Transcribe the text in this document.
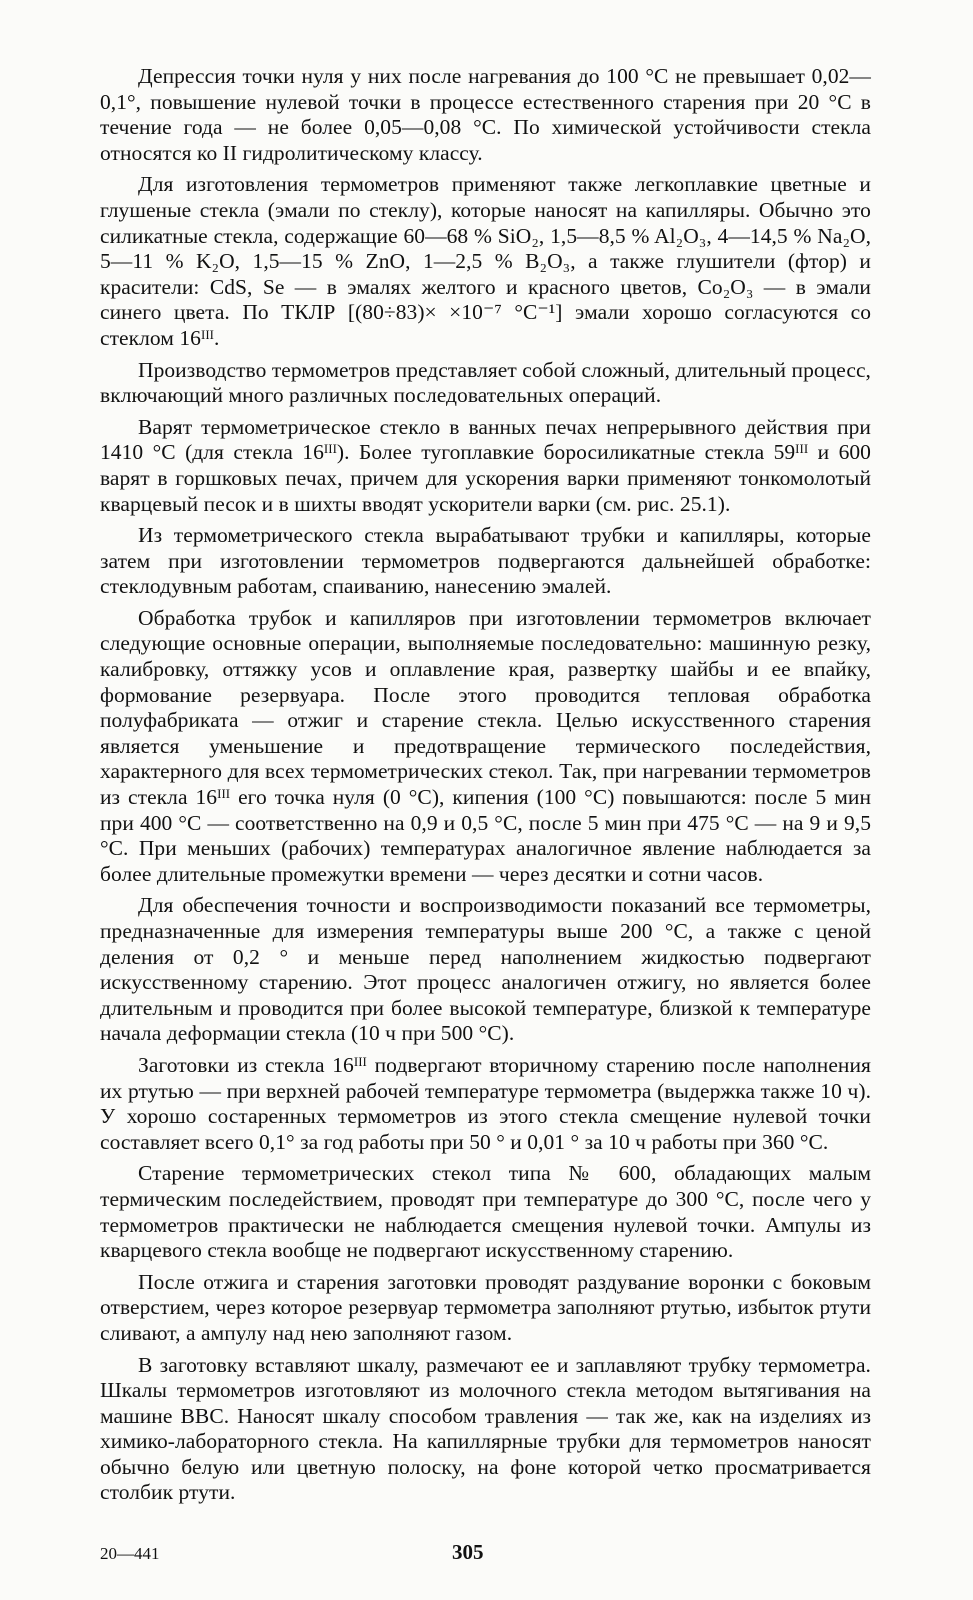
Депрессия точки нуля у них после нагревания до 100 °С не превышает 0,02—0,1°, повышение нулевой точки в процессе естественного старения при 20 °С в течение года — не более 0,05—0,08 °С. По химической устойчивости стекла относятся ко II гидролитическому классу.

Для изготовления термометров применяют также легкоплавкие цветные и глушеные стекла (эмали по стеклу), которые наносят на капилляры. Обычно это силикатные стекла, содержащие 60—68 % SiO₂, 1,5—8,5 % Al₂O₃, 4—14,5 % Na₂O, 5—11 % K₂O, 1,5—15 % ZnO, 1—2,5 % B₂O₃, а также глушители (фтор) и красители: CdS, Se — в эмалях желтого и красного цветов, Co₂O₃ — в эмали синего цвета. По ТКЛР [(80÷83)× ×10⁻⁷ °С⁻¹] эмали хорошо согласуются со стеклом 16ᴵᴵᴵ.

Производство термометров представляет собой сложный, длительный процесс, включающий много различных последовательных операций.

Варят термометрическое стекло в ванных печах непрерывного действия при 1410 °С (для стекла 16ᴵᴵᴵ). Более тугоплавкие боросиликатные стекла 59ᴵᴵᴵ и 600 варят в горшковых печах, причем для ускорения варки применяют тонкомолотый кварцевый песок и в шихты вводят ускорители варки (см. рис. 25.1).

Из термометрического стекла вырабатывают трубки и капилляры, которые затем при изготовлении термометров подвергаются дальнейшей обработке: стеклодувным работам, спаиванию, нанесению эмалей.

Обработка трубок и капилляров при изготовлении термометров включает следующие основные операции, выполняемые последовательно: машинную резку, калибровку, оттяжку усов и оплавление края, развертку шайбы и ее впайку, формование резервуара. После этого проводится тепловая обработка полуфабриката — отжиг и старение стекла. Целью искусственного старения является уменьшение и предотвращение термического последействия, характерного для всех термометрических стекол. Так, при нагревании термометров из стекла 16ᴵᴵᴵ его точка нуля (0 °С), кипения (100 °С) повышаются: после 5 мин при 400 °С — соответственно на 0,9 и 0,5 °С, после 5 мин при 475 °С — на 9 и 9,5 °С. При меньших (рабочих) температурах аналогичное явление наблюдается за более длительные промежутки времени — через десятки и сотни часов.

Для обеспечения точности и воспроизводимости показаний все термометры, предназначенные для измерения температуры выше 200 °С, а также с ценой деления от 0,2 ° и меньше перед наполнением жидкостью подвергают искусственному старению. Этот процесс аналогичен отжигу, но является более длительным и проводится при более высокой температуре, близкой к температуре начала деформации стекла (10 ч при 500 °С).

Заготовки из стекла 16ᴵᴵᴵ подвергают вторичному старению после наполнения их ртутью — при верхней рабочей температуре термометра (выдержка также 10 ч). У хорошо состаренных термометров из этого стекла смещение нулевой точки составляет всего 0,1° за год работы при 50 ° и 0,01 ° за 10 ч работы при 360 °С.

Старение термометрических стекол типа № 600, обладающих малым термическим последействием, проводят при температуре до 300 °С, после чего у термометров практически не наблюдается смещения нулевой точки. Ампулы из кварцевого стекла вообще не подвергают искусственному старению.

После отжига и старения заготовки проводят раздувание воронки с боковым отверстием, через которое резервуар термометра заполняют ртутью, избыток ртути сливают, а ампулу над нею заполняют газом.

В заготовку вставляют шкалу, размечают ее и заплавляют трубку термометра. Шкалы термометров изготовляют из молочного стекла методом вытягивания на машине ВВС. Наносят шкалу способом травления — так же, как на изделиях из химико-лабораторного стекла. На капиллярные трубки для термометров наносят обычно белую или цветную полоску, на фоне которой четко просматривается столбик ртути.

20—441	305
